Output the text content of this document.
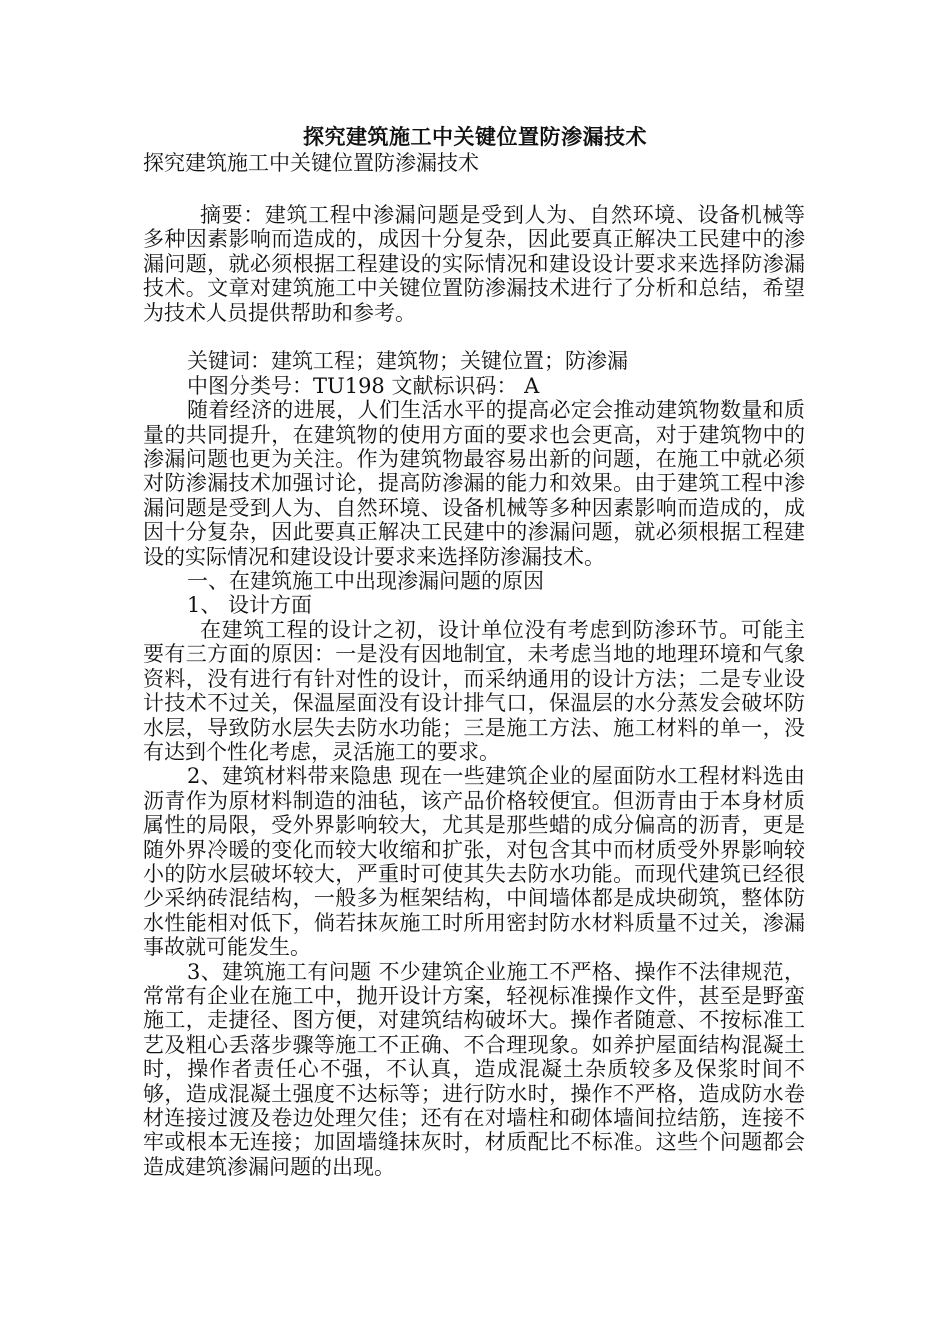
探究建筑施工中关键位置防渗漏技术
探究建筑施工中关键位置防渗漏技术

摘要：建筑工程中渗漏问题是受到人为、自然环境、设备机械等多种因素影响而造成的，成因十分复杂，因此要真正解决工民建中的渗漏问题，就必须根据工程建设的实际情况和建设设计要求来选择防渗漏技术。文章对建筑施工中关键位置防渗漏技术进行了分析和总结，希望为技术人员提供帮助和参考。

关键词：建筑工程；建筑物；关键位置；防渗漏

中图分类号：TU198 文献标识码： A

随着经济的进展，人们生活水平的提高必定会推动建筑物数量和质量的共同提升，在建筑物的使用方面的要求也会更高，对于建筑物中的渗漏问题也更为关注。作为建筑物最容易出新的问题，在施工中就必须对防渗漏技术加强讨论，提高防渗漏的能力和效果。由于建筑工程中渗漏问题是受到人为、自然环境、设备机械等多种因素影响而造成的，成因十分复杂，因此要真正解决工民建中的渗漏问题，就必须根据工程建设的实际情况和建设设计要求来选择防渗漏技术。

一、在建筑施工中出现渗漏问题的原因

1、 设计方面

在建筑工程的设计之初，设计单位没有考虑到防渗环节。可能主要有三方面的原因：一是没有因地制宜，未考虑当地的地理环境和气象资料，没有进行有针对性的设计，而采纳通用的设计方法；二是专业设计技术不过关，保温屋面没有设计排气口，保温层的水分蒸发会破坏防水层，导致防水层失去防水功能；三是施工方法、施工材料的单一，没有达到个性化考虑，灵活施工的要求。

2、建筑材料带来隐患 现在一些建筑企业的屋面防水工程材料选由沥青作为原材料制造的油毡，该产品价格较便宜。但沥青由于本身材质属性的局限，受外界影响较大，尤其是那些蜡的成分偏高的沥青，更是随外界冷暖的变化而较大收缩和扩张，对包含其中而材质受外界影响较小的防水层破坏较大，严重时可使其失去防水功能。而现代建筑已经很少采纳砖混结构，一般多为框架结构，中间墙体都是成块砌筑，整体防水性能相对低下，倘若抹灰施工时所用密封防水材料质量不过关，渗漏事故就可能发生。

3、建筑施工有问题 不少建筑企业施工不严格、操作不法律规范，常常有企业在施工中，抛开设计方案，轻视标准操作文件，甚至是野蛮施工，走捷径、图方便，对建筑结构破坏大。操作者随意、不按标准工艺及粗心丢落步骤等施工不正确、不合理现象。如养护屋面结构混凝土时，操作者责任心不强，不认真，造成混凝土杂质较多及保浆时间不够，造成混凝土强度不达标等；进行防水时，操作不严格，造成防水卷材连接过渡及卷边处理欠佳；还有在对墙柱和砌体墙间拉结筋，连接不牢或根本无连接；加固墙缝抹灰时，材质配比不标准。这些个问题都会造成建筑渗漏问题的出现。
